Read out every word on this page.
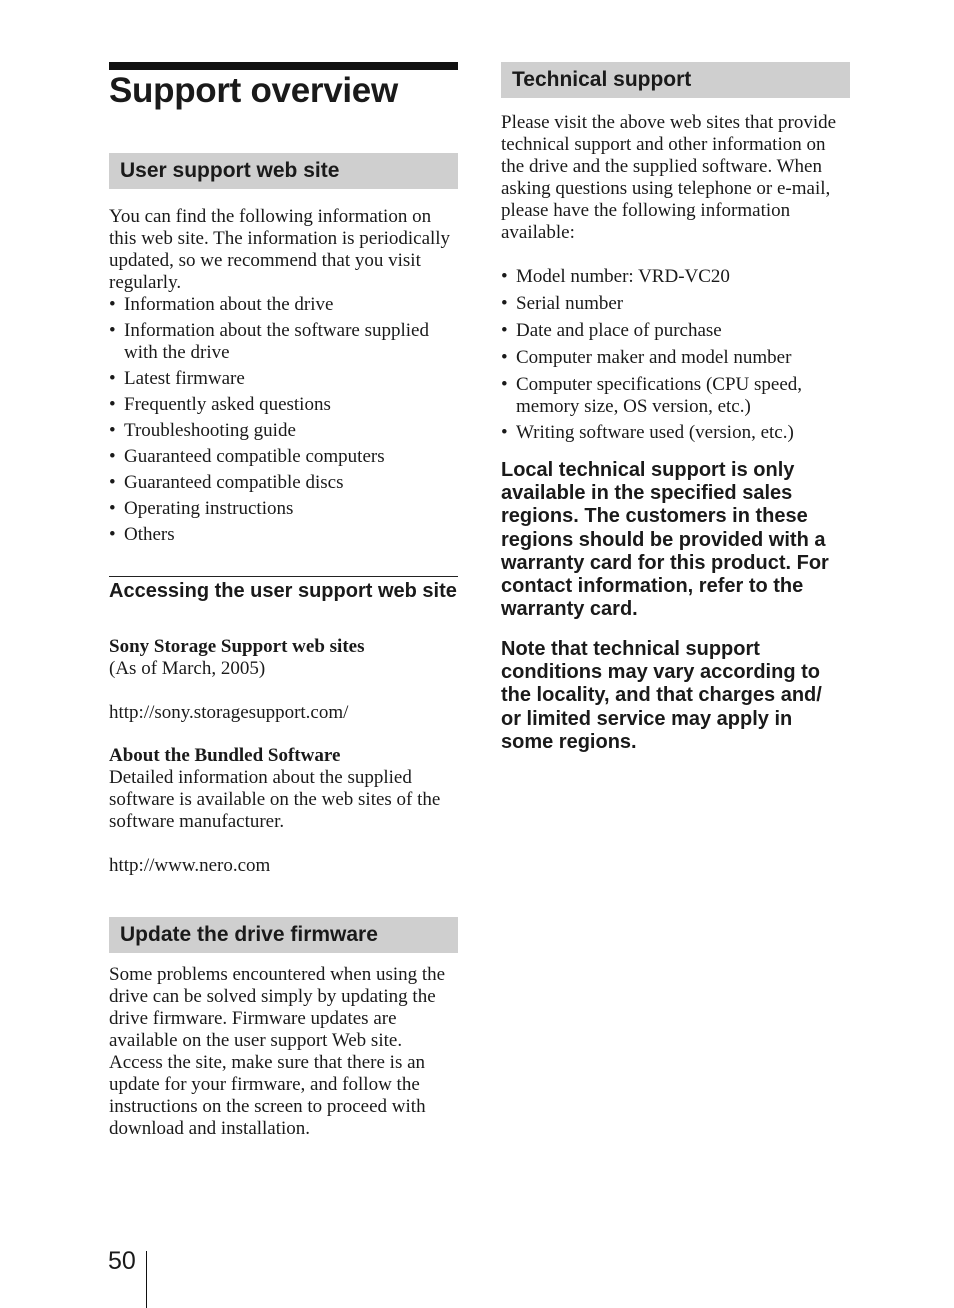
Support overview
User support web site

You can find the following information on this web site. The information is periodically updated, so we recommend that you visit regularly.

• Information about the drive
• Information about the software supplied with the drive
• Latest firmware
• Frequently asked questions
• Troubleshooting guide
• Guaranteed compatible computers
• Guaranteed compatible discs
• Operating instructions
• Others
Accessing the user support web site

Sony Storage Support web sites

(As of March, 2005)

http://sony.storagesupport.com/

About the Bundled Software

Detailed information about the supplied software is available on the web sites of the software manufacturer.

http://www.nero.com

Update the drive firmware

Some problems encountered when using the drive can be solved simply by updating the drive firmware. Firmware updates are available on the user support Web site. Access the site, make sure that there is an update for your firmware, and follow the instructions on the screen to proceed with download and installation.

Technical support

Please visit the above web sites that provide technical support and other information on the drive and the supplied software. When asking questions using telephone or e-mail, please have the following information available:

• Model number: VRD-VC20
• Serial number
• Date and place of purchase
• Computer maker and model number
• Computer specifications (CPU speed, memory size, OS version, etc.)
• Writing software used (version, etc.)

Local technical support is only available in the specified sales regions. The customers in these regions should be provided with a warranty card for this product. For contact information, refer to the warranty card.

Note that technical support conditions may vary according to the locality, and that charges and/ or limited service may apply in some regions.

50
